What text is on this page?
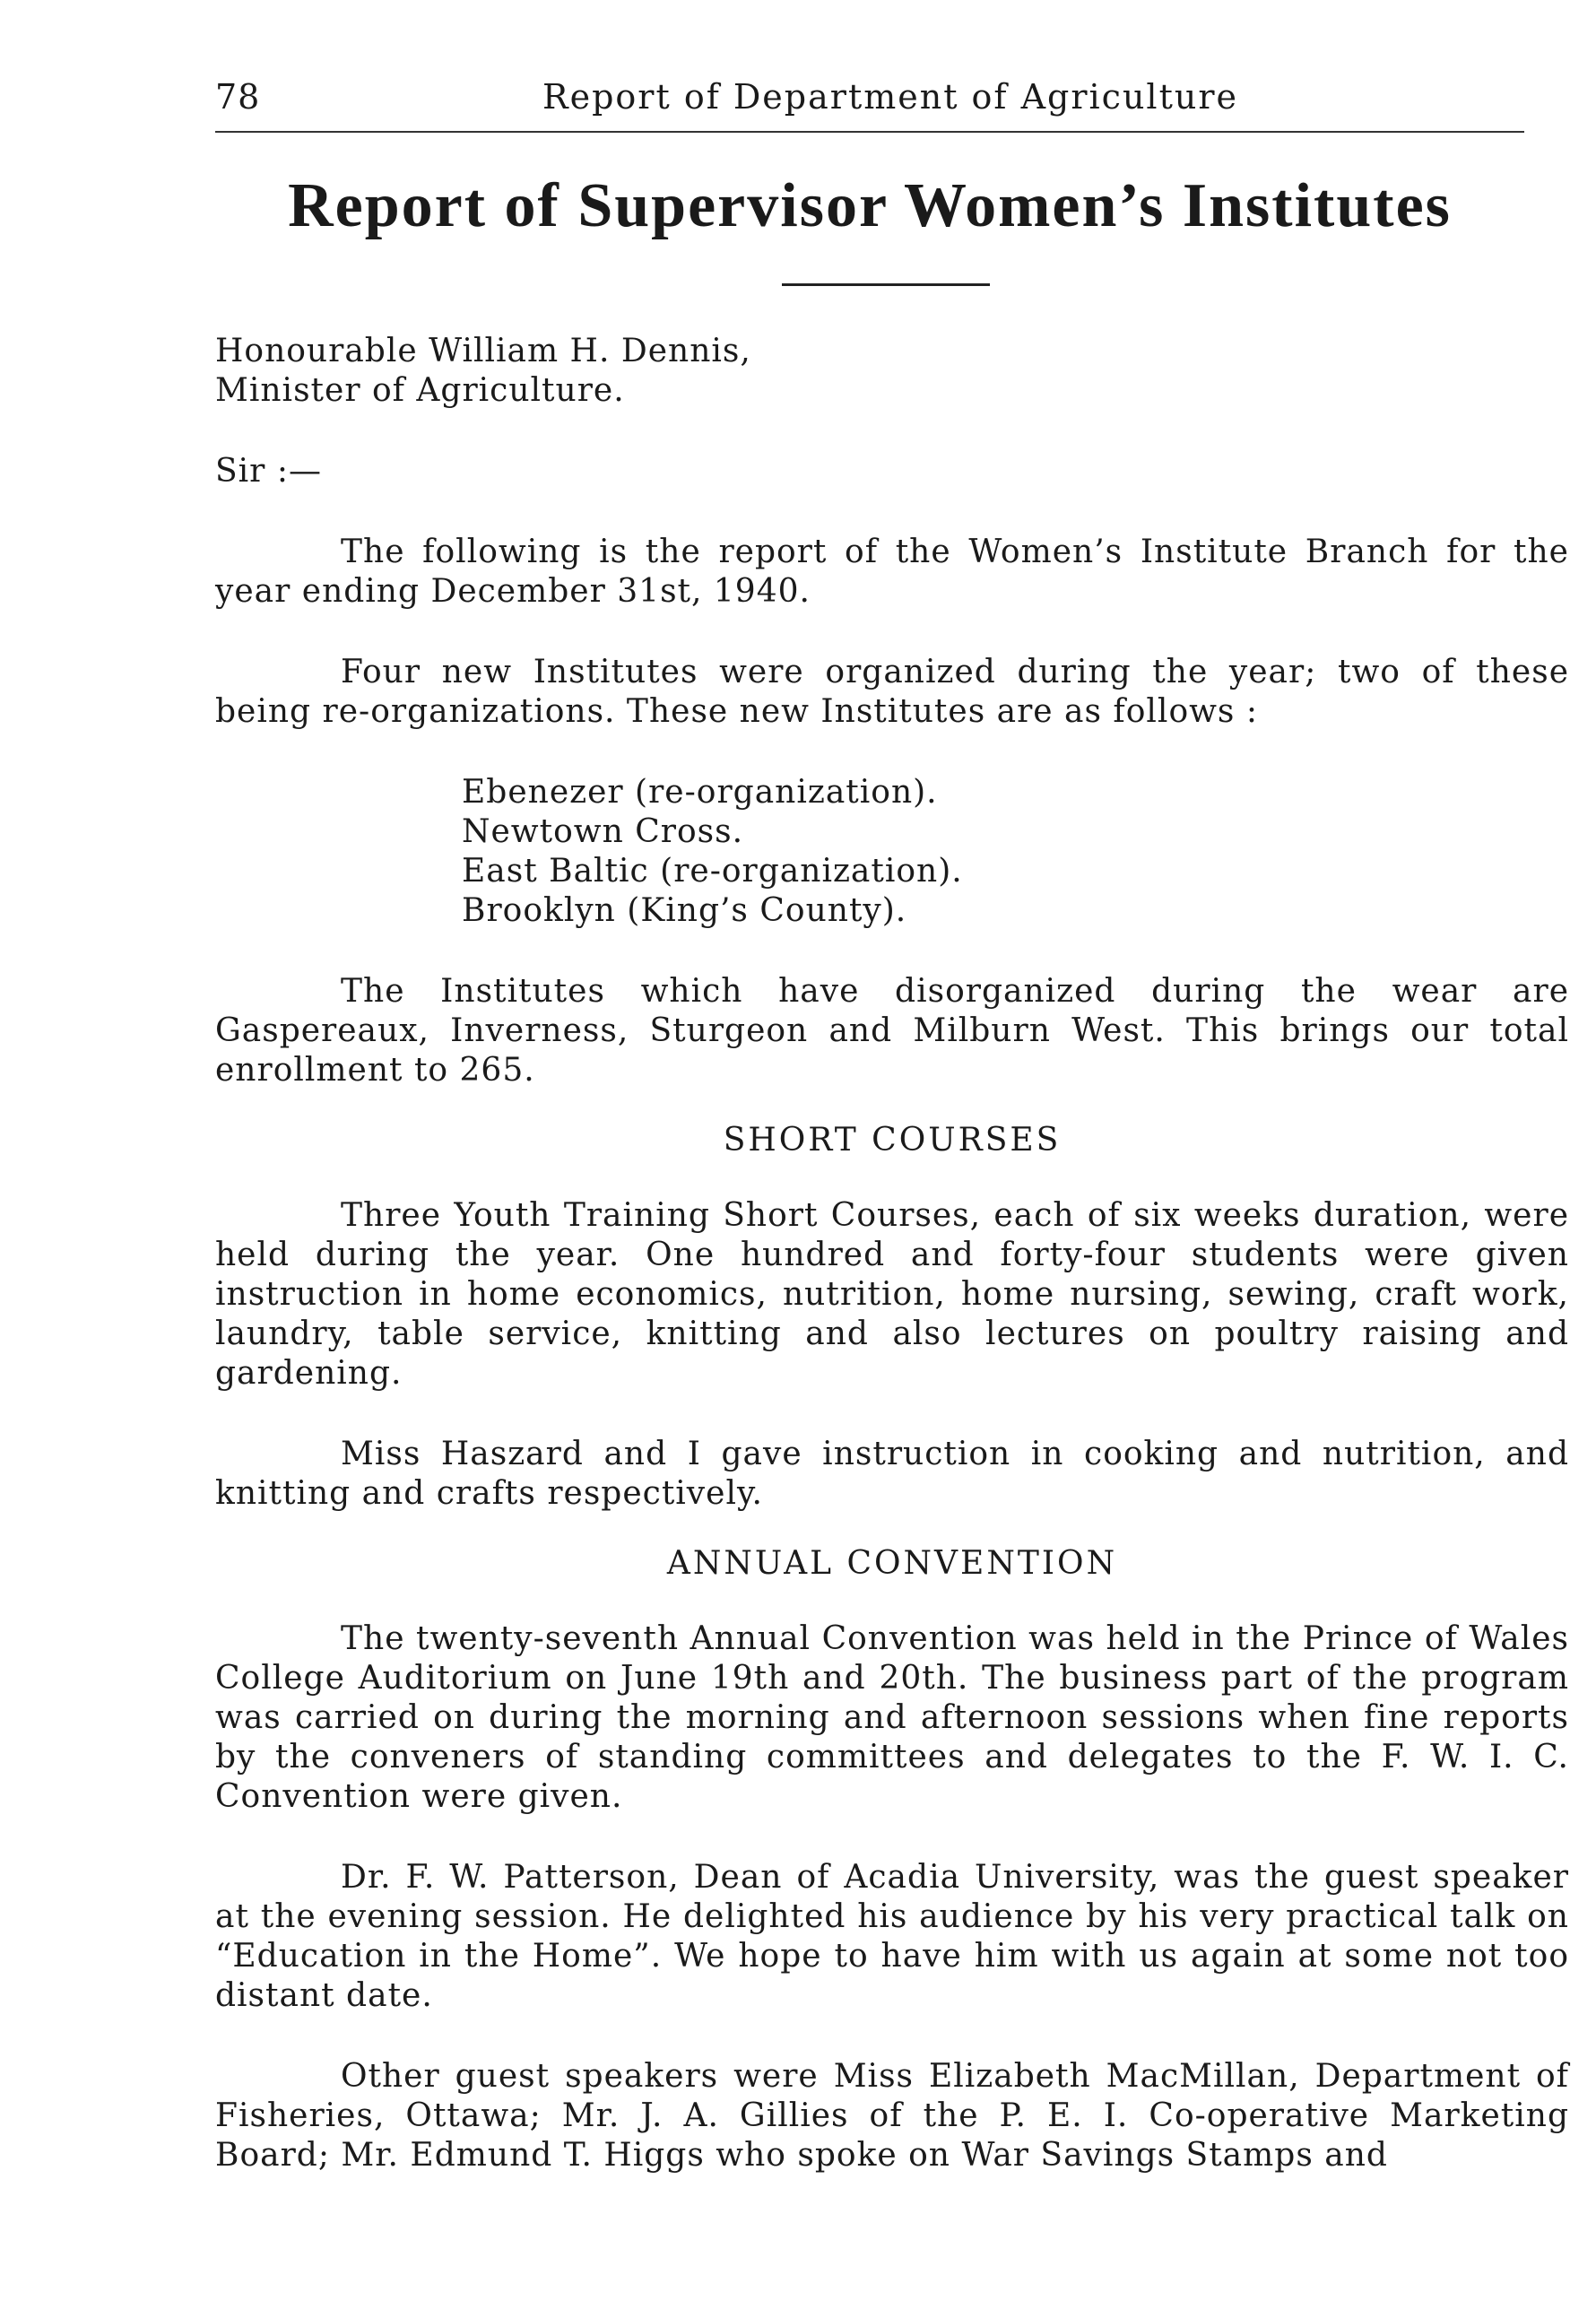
78	Report of Department of Agriculture
Report of Supervisor Women’s Institutes

Honourable William H. Dennis,
Minister of Agriculture.

Sir :—

The following is the report of the Women’s Institute Branch for the year ending December 31st, 1940.

Four new Institutes were organized during the year; two of these being re-organizations. These new Institutes are as follows :

Ebenezer (re-organization).
Newtown Cross.
East Baltic (re-organization).
Brooklyn (King’s County).

The Institutes which have disorganized during the wear are Gaspereaux, Inverness, Sturgeon and Milburn West. This brings our total enrollment to 265.

SHORT COURSES

Three Youth Training Short Courses, each of six weeks duration, were held during the year. One hundred and forty-four students were given instruction in home economics, nutrition, home nursing, sewing, craft work, laundry, table service, knitting and also lectures on poultry raising and gardening.

Miss Haszard and I gave instruction in cooking and nutrition, and knitting and crafts respectively.

ANNUAL CONVENTION

The twenty-seventh Annual Convention was held in the Prince of Wales College Auditorium on June 19th and 20th. The business part of the program was carried on during the morning and afternoon sessions when fine reports by the conveners of standing committees and delegates to the F. W. I. C. Convention were given.

Dr. F. W. Patterson, Dean of Acadia University, was the guest speaker at the evening session. He delighted his audience by his very practical talk on “Education in the Home”. We hope to have him with us again at some not too distant date.

Other guest speakers were Miss Elizabeth MacMillan, Department of Fisheries, Ottawa; Mr. J. A. Gillies of the P. E. I. Co-operative Marketing Board; Mr. Edmund T. Higgs who spoke on War Savings Stamps and
